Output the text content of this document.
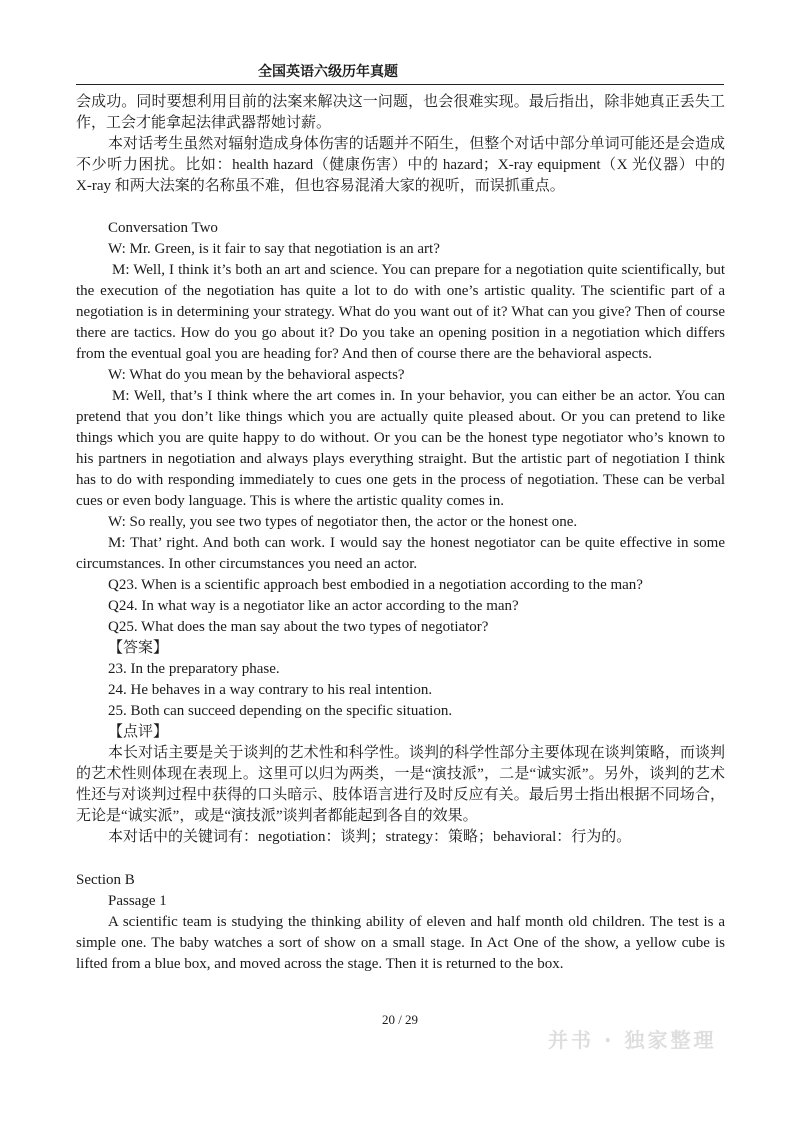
全国英语六级历年真题

会成功。同时要想利用目前的法案来解决这一问题，也会很难实现。最后指出，除非她真正丢失工作，工会才能拿起法律武器帮她讨薪。

本对话考生虽然对辐射造成身体伤害的话题并不陌生，但整个对话中部分单词可能还是会造成不少听力困扰。比如：health hazard（健康伤害）中的 hazard；X-ray equipment（X 光仪器）中的 X-ray 和两大法案的名称虽不难，但也容易混淆大家的视听，而误抓重点。

Conversation Two

W: Mr. Green, is it fair to say that negotiation is an art?

M: Well, I think it’s both an art and science. You can prepare for a negotiation quite scientifically, but the execution of the negotiation has quite a lot to do with one’s artistic quality. The scientific part of a negotiation is in determining your strategy. What do you want out of it? What can you give? Then of course there are tactics. How do you go about it? Do you take an opening position in a negotiation which differs from the eventual goal you are heading for? And then of course there are the behavioral aspects.

W: What do you mean by the behavioral aspects?

M: Well, that’s I think where the art comes in. In your behavior, you can either be an actor. You can pretend that you don’t like things which you are actually quite pleased about. Or you can pretend to like things which you are quite happy to do without. Or you can be the honest type negotiator who’s known to his partners in negotiation and always plays everything straight. But the artistic part of negotiation I think has to do with responding immediately to cues one gets in the process of negotiation. These can be verbal cues or even body language. This is where the artistic quality comes in.

W: So really, you see two types of negotiator then, the actor or the honest one.

M: That’ right. And both can work. I would say the honest negotiator can be quite effective in some circumstances. In other circumstances you need an actor.

Q23. When is a scientific approach best embodied in a negotiation according to the man?

Q24. In what way is a negotiator like an actor according to the man?

Q25. What does the man say about the two types of negotiator?

【答案】

23. In the preparatory phase.

24. He behaves in a way contrary to his real intention.

25. Both can succeed depending on the specific situation.

【点评】

本长对话主要是关于谈判的艺术性和科学性。谈判的科学性部分主要体现在谈判策略，而谈判的艺术性则体现在表现上。这里可以归为两类，一是“演技派”，二是“诚实派”。另外，谈判的艺术性还与对谈判过程中获得的口头暗示、肢体语言进行及时反应有关。最后男士指出根据不同场合，无论是“诚实派”，或是“演技派”谈判者都能起到各自的效果。

本对话中的关键词有：negotiation：谈判；strategy：策略；behavioral：行为的。

Section B

Passage 1

A scientific team is studying the thinking ability of eleven and half month old children. The test is a simple one. The baby watches a sort of show on a small stage. In Act One of the show, a yellow cube is lifted from a blue box, and moved across the stage. Then it is returned to the box.

20 / 29
并书 · 独家整理
